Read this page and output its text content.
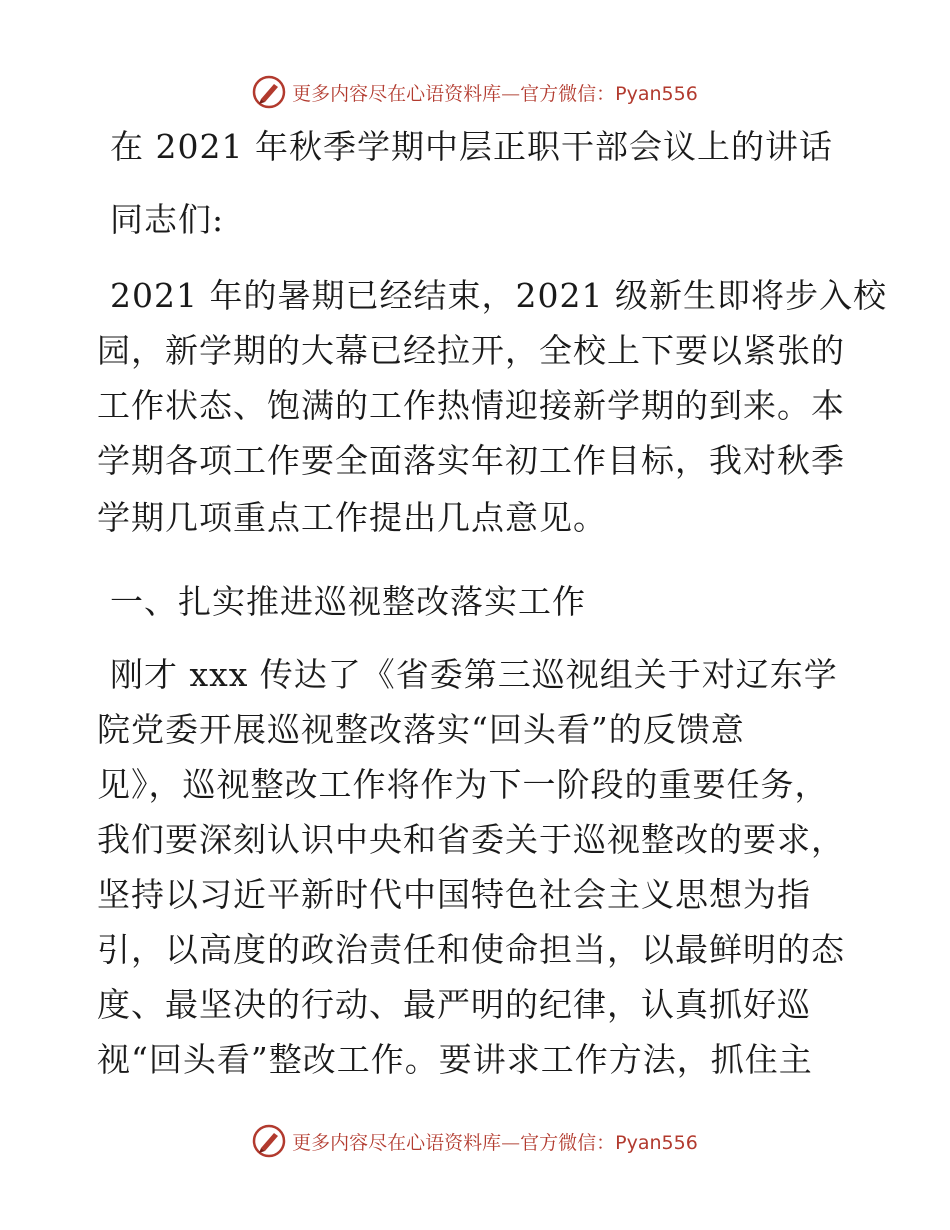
更多内容尽在心语资料库—官方微信：Pyan556
在 2021 年秋季学期中层正职干部会议上的讲话
同志们:
2021 年的暑期已经结束，2021 级新生即将步入校
园，新学期的大幕已经拉开，全校上下要以紧张的
工作状态、饱满的工作热情迎接新学期的到来。本
学期各项工作要全面落实年初工作目标，我对秋季
学期几项重点工作提出几点意见。
一、扎实推进巡视整改落实工作
刚才 xxx 传达了《省委第三巡视组关于对辽东学
院党委开展巡视整改落实“回头看”的反馈意
见》，巡视整改工作将作为下一阶段的重要任务，
我们要深刻认识中央和省委关于巡视整改的要求，
坚持以习近平新时代中国特色社会主义思想为指
引，以高度的政治责任和使命担当，以最鲜明的态
度、最坚决的行动、最严明的纪律，认真抓好巡
视“回头看”整改工作。要讲求工作方法，抓住主
更多内容尽在心语资料库—官方微信：Pyan556
